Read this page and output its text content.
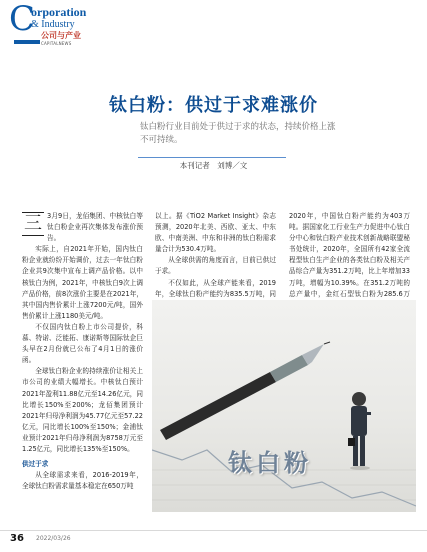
C
orporation
& Industry
公司与产业
CAPITALNEWS
钛白粉：供过于求难涨价
钛白粉行业目前处于供过于求的状态，持续价格上涨不可持续。
本刊记者　刘博／文

三 3月9日，龙佰集团、中核钛白等钛白粉企业再次集体发布涨价预告。

实际上，自2021年开始，国内钛白粉企业就纷纷开始调价，过去一年钛白粉企业共9次集中宣布上调产品价格。以中核钛白为例，2021年，中核钛白9次上调产品价格，前8次涨价主要是在2021年，其中国内售价累计上涨7200元/吨，国外售价累计上涨1180美元/吨。

不仅国内钛白粉上市公司提价，科慕、特诺、泛能拓、康诺斯等国际钛企巨头早在2月份就已公布了4月1日的涨价函。

全球钛白粉企业的持续涨价让相关上市公司的业绩大幅增长。中核钛白预计2021年盈利11.88亿元至14.26亿元，同比增长150%至200%；龙佰集团预计2021年归母净利润为45.77亿元至57.22亿元，同比增长100%至150%；金浦钛业预计2021年归母净利润为8758万元至1.25亿元，同比增长135%至150%。

供过于求

从全球需求来看，2016-2019年，全球钛白粉需求量基本稳定在650万吨

以上。据《TiO2 Market Insight》杂志预测，2020年北美、西欧、亚太、中东欧、中南美洲、中东和非洲的钛白粉需求量合计为530.4万吨。

从全球供需的角度而言，目前已供过于求。

不仅如此，从全球产能来看，2019年，全球钛白粉产能约为835.5万吨，同

2020年，中国钛白粉产能约为403万吨。据国家化工行业生产力促进中心钛白分中心和钛白粉产业技术创新战略联盟秘书处统计，2020年，全国所有42家全流程型钛白生产企业的各类钛白粉及相关产品综合产量为351.2万吨，比上年增加33万吨，增幅为10.39%。在351.2万吨的总产量中，金红石型钛白粉为285.6万

钛白粉
36 2022/03/26
